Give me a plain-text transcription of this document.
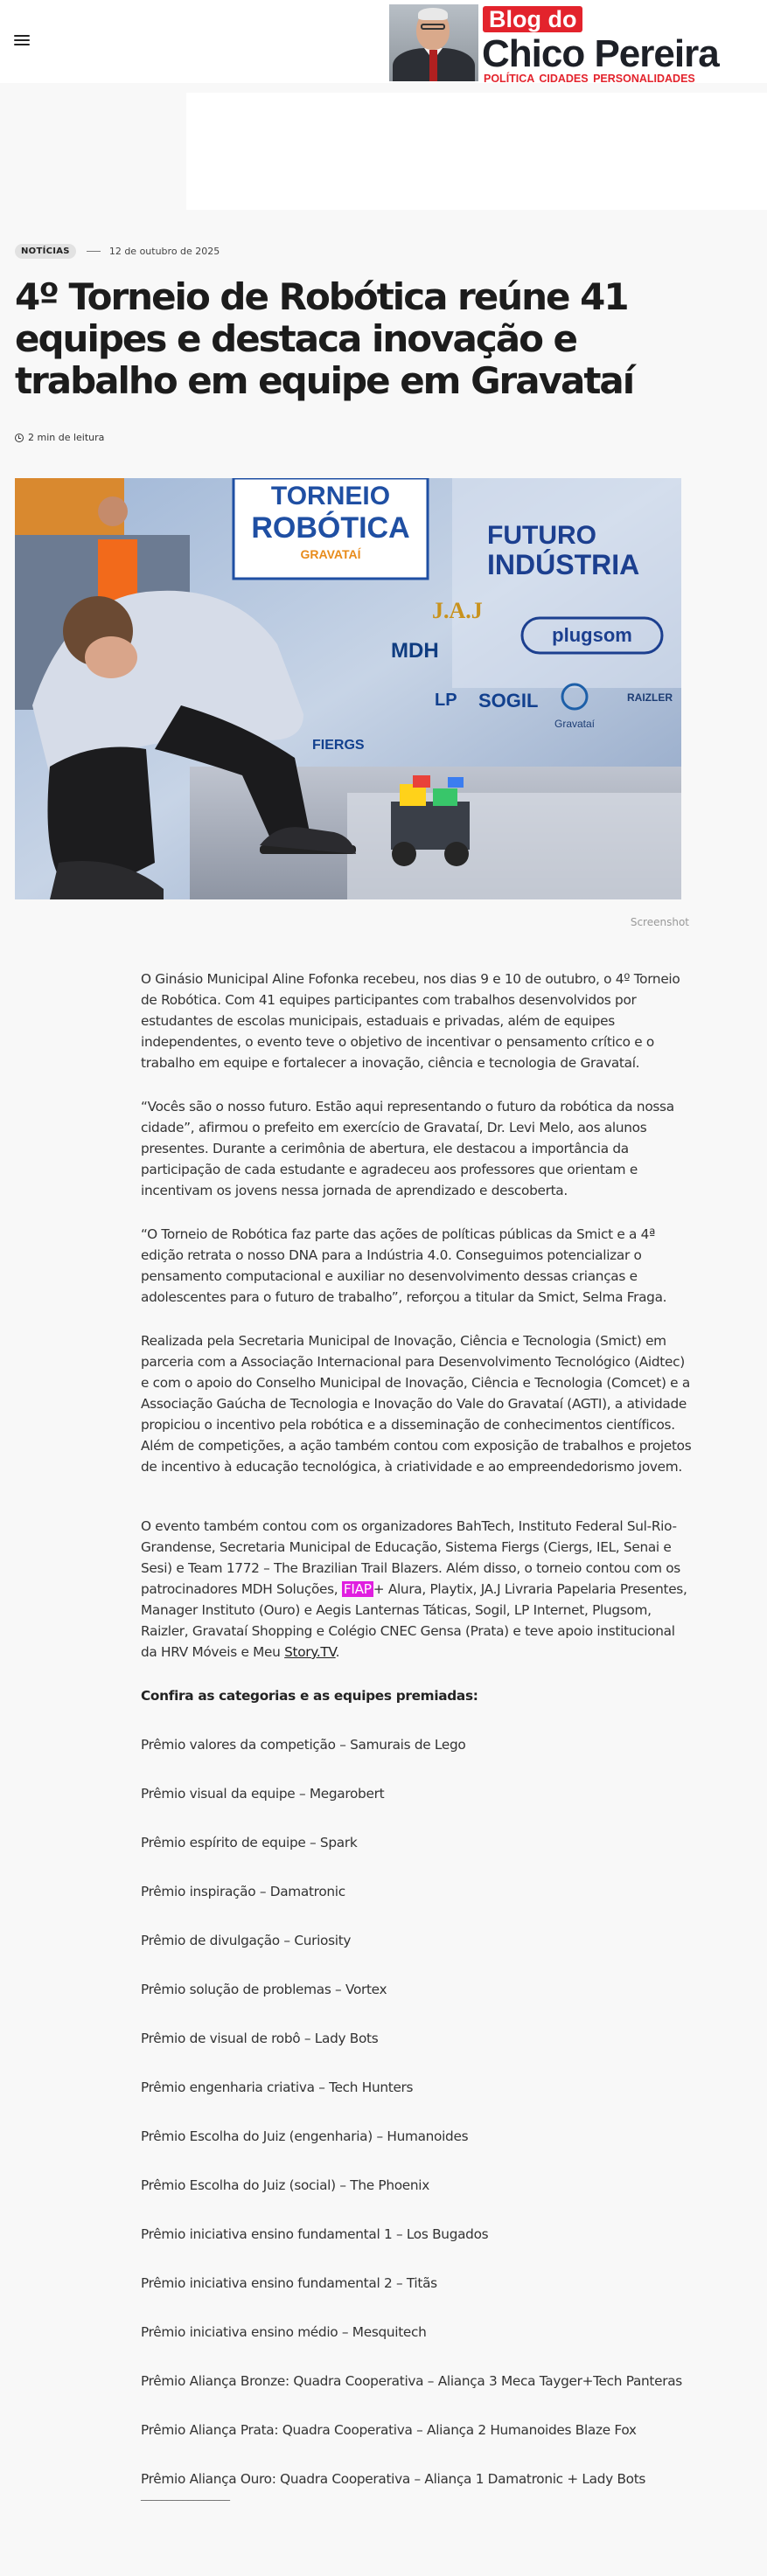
Blog do
Chico Pereira
POLÍTICA CIDADES PERSONALIDADES
NOTÍCIAS	12 de outubro de 2025
4º Torneio de Robótica reúne 41 equipes e destaca inovação e trabalho em equipe em Gravataí
2 min de leitura
TORNEIO
ROBÓTICA
GRAVATAÍ
FUTURO
INDÚSTRIA
plugsom
MDH
J.A.J
LP SOGIL
Gravataí
RAIZLER
FIERGS
Screenshot

O Ginásio Municipal Aline Fofonka recebeu, nos dias 9 e 10 de outubro, o 4º Torneio de Robótica. Com 41 equipes participantes com trabalhos desenvolvidos por estudantes de escolas municipais, estaduais e privadas, além de equipes independentes, o evento teve o objetivo de incentivar o pensamento crítico e o trabalho em equipe e fortalecer a inovação, ciência e tecnologia de Gravataí.

“Vocês são o nosso futuro. Estão aqui representando o futuro da robótica da nossa cidade”, afirmou o prefeito em exercício de Gravataí, Dr. Levi Melo, aos alunos presentes. Durante a cerimônia de abertura, ele destacou a importância da participação de cada estudante e agradeceu aos professores que orientam e incentivam os jovens nessa jornada de aprendizado e descoberta.

“O Torneio de Robótica faz parte das ações de políticas públicas da Smict e a 4ª edição retrata o nosso DNA para a Indústria 4.0. Conseguimos potencializar o pensamento computacional e auxiliar no desenvolvimento dessas crianças e adolescentes para o futuro de trabalho”, reforçou a titular da Smict, Selma Fraga.

Realizada pela Secretaria Municipal de Inovação, Ciência e Tecnologia (Smict) em parceria com a Associação Internacional para Desenvolvimento Tecnológico (Aidtec) e com o apoio do Conselho Municipal de Inovação, Ciência e Tecnologia (Comcet) e a Associação Gaúcha de Tecnologia e Inovação do Vale do Gravataí (AGTI), a atividade propiciou o incentivo pela robótica e a disseminação de conhecimentos científicos. Além de competições, a ação também contou com exposição de trabalhos e projetos de incentivo à educação tecnológica, à criatividade e ao empreendedorismo jovem.

O evento também contou com os organizadores BahTech, Instituto Federal Sul-Rio-Grandense, Secretaria Municipal de Educação, Sistema Fiergs (Ciergs, IEL, Senai e Sesi) e Team 1772 – The Brazilian Trail Blazers. Além disso, o torneio contou com os patrocinadores MDH Soluções, FIAP + Alura, Playtix, JA.J Livraria Papelaria Presentes, Manager Instituto (Ouro) e Aegis Lanternas Táticas, Sogil, LP Internet, Plugsom, Raizler, Gravataí Shopping e Colégio CNEC Gensa (Prata) e teve apoio institucional da HRV Móveis e Meu Story.TV.

Confira as categorias e as equipes premiadas:

Prêmio valores da competição – Samurais de Lego

Prêmio visual da equipe – Megarobert

Prêmio espírito de equipe – Spark

Prêmio inspiração – Damatronic

Prêmio de divulgação – Curiosity

Prêmio solução de problemas – Vortex

Prêmio de visual de robô – Lady Bots

Prêmio engenharia criativa – Tech Hunters

Prêmio Escolha do Juiz (engenharia) – Humanoides

Prêmio Escolha do Juiz (social) – The Phoenix

Prêmio iniciativa ensino fundamental 1 – Los Bugados

Prêmio iniciativa ensino fundamental 2 – Titãs

Prêmio iniciativa ensino médio – Mesquitech

Prêmio Aliança Bronze: Quadra Cooperativa – Aliança 3 Meca Tayger+Tech Panteras

Prêmio Aliança Prata: Quadra Cooperativa – Aliança 2 Humanoides Blaze Fox

Prêmio Aliança Ouro: Quadra Cooperativa – Aliança 1 Damatronic + Lady Bots

_________________
